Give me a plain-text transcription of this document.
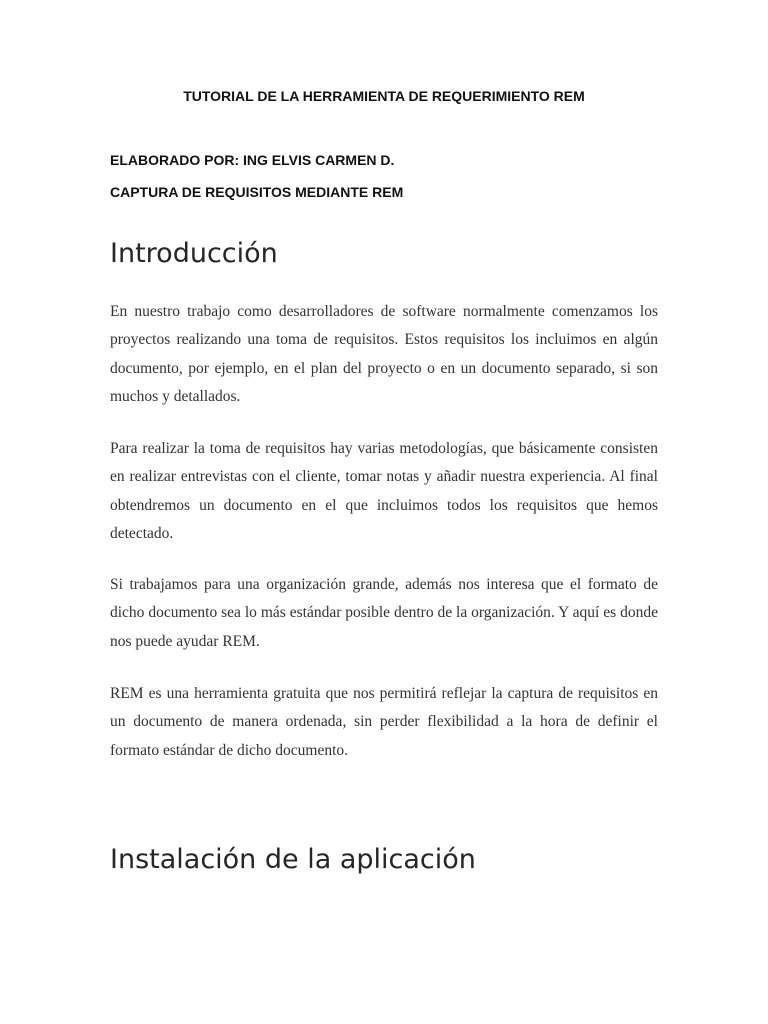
TUTORIAL DE LA HERRAMIENTA DE REQUERIMIENTO REM

ELABORADO POR: ING ELVIS CARMEN D.

CAPTURA DE REQUISITOS MEDIANTE REM

Introducción

En nuestro trabajo como desarrolladores de software normalmente comenzamos los proyectos realizando una toma de requisitos. Estos requisitos los incluimos en algún documento, por ejemplo, en el plan del proyecto o en un documento separado, si son muchos y detallados.

Para realizar la toma de requisitos hay varias metodologías, que básicamente consisten en realizar entrevistas con el cliente, tomar notas y añadir nuestra experiencia. Al final obtendremos un documento en el que incluimos todos los requisitos que hemos detectado.

Si trabajamos para una organización grande, además nos interesa que el formato de dicho documento sea lo más estándar posible dentro de la organización. Y aquí es donde nos puede ayudar REM.

REM es una herramienta gratuita que nos permitirá reflejar la captura de requisitos en un documento de manera ordenada, sin perder flexibilidad a la hora de definir el formato estándar de dicho documento.

Instalación de la aplicación
